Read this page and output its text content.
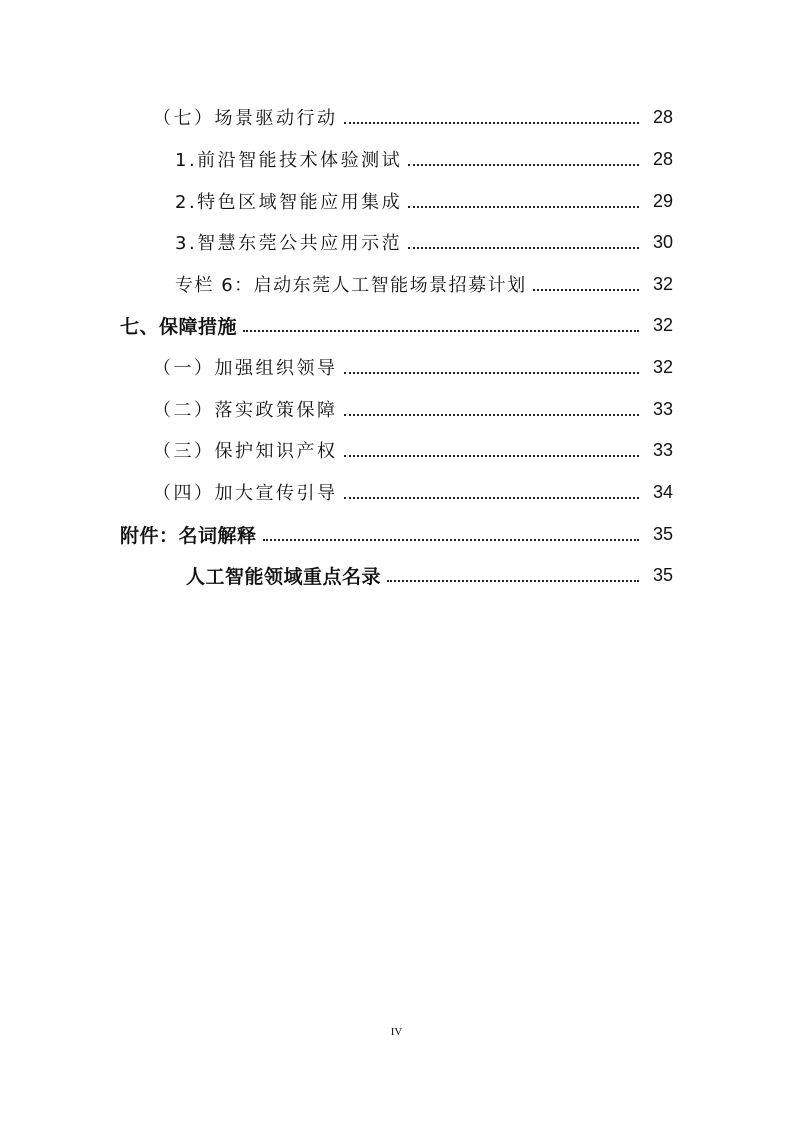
（七）场景驱动行动	28
1.前沿智能技术体验测试	28
2.特色区域智能应用集成	29
3.智慧东莞公共应用示范	30
专栏 6：启动东莞人工智能场景招募计划	32
七、保障措施	32
（一）加强组织领导	32
（二）落实政策保障	33
（三）保护知识产权	33
（四）加大宣传引导	34
附件：名词解释	35
人工智能领域重点名录	35
IV
